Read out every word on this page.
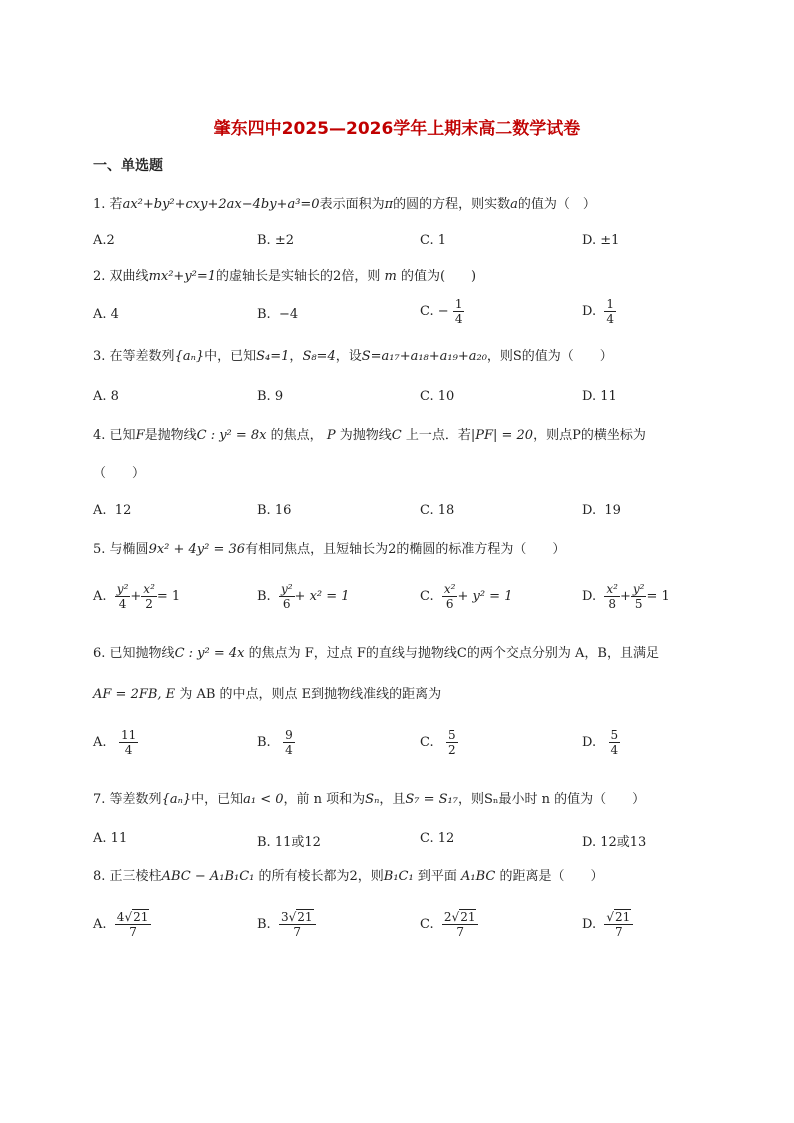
肇东四中2025—2026学年上期末高二数学试卷
一、单选题
1. 若ax²+by²+cxy+2ax−4by+a³=0表示面积为π的圆的方程，则实数a的值为（　）
A.2	B. ±2	C. 1	D. ±1
2. 双曲线mx²+y²=1的虚轴长是实轴长的2倍，则 m 的值为(　　)
A. 4	B. −4	C. − $\frac{1}{4}$	D. $\frac{1}{4}$
3. 在等差数列{aₙ}中，已知S₄=1，S₈=4，设S=a₁₇+a₁₈+a₁₉+a₂₀，则S的值为（　　）
A. 8	B. 9	C. 10	D. 11
4. 已知F是抛物线C : y² = 8x 的焦点， P 为抛物线C 上一点．若|PF| = 20，则点P的横坐标为
（　　）
A. 12	B. 16	C. 18	D. 19
5. 与椭圆9x² + 4y² = 36有相同焦点，且短轴长为2的椭圆的标准方程为（　　）
A. $\frac{\text{y²}}{4} + \frac{\text{x²}}{2} = 1$	B. $\frac{\text{y²}}{6} + x^2 = 1$	C. $\frac{\text{x²}}{6} + y^2 = 1$	D. $\frac{\text{x²}}{8} + \frac{\text{y²}}{5} = 1$
6. 已知抛物线C : y² = 4x 的焦点为 F，过点 F的直线与抛物线C的两个交点分别为 A，B，且满足
AF = 2FB, E 为 AB 的中点，则点 E到抛物线准线的距离为
A. $\frac{11}{4}$	B. $\frac{9}{4}$	C. $\frac{5}{2}$	D. $\frac{5}{4}$
7. 等差数列{aₙ}中，已知a₁ < 0，前 n 项和为Sₙ，且S₇ = S₁₇，则Sₙ最小时 n 的值为（　　）
A. 11	B. 11或12	C. 12	D. 12或13
8. 正三棱柱ABC − A₁B₁C₁ 的所有棱长都为2，则B₁C₁ 到平面 A₁BC 的距离是（　　）
A. $\frac{4√21}{7}$	B. $\frac{3√21}{7}$	C. $\frac{2√21}{7}$	D. $\frac{√21}{7}$
